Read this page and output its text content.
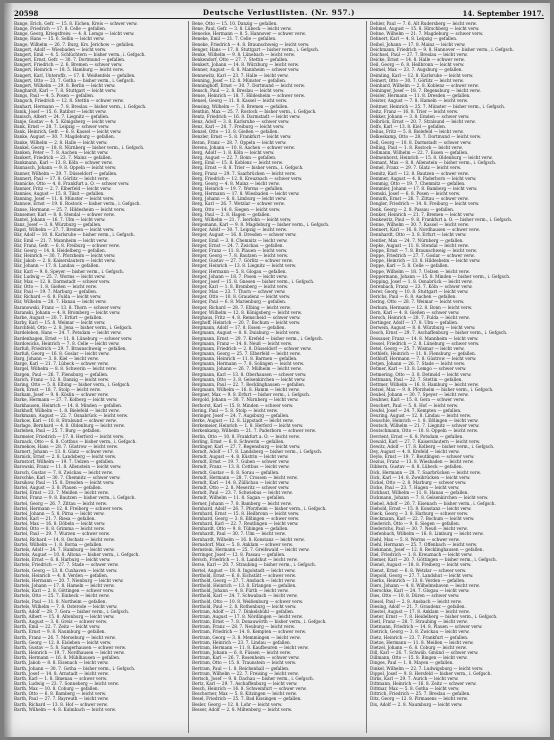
20598	Deutsche Verlustlisten. (Nr. 957.)	14. September 1917.
Bange, Erich, Gefr. — 15. 8. Eichen, Kreis — schwer verw.
Bange, Friedrich — 17. 8. Celle — gefallen.
Bange, Georg, Kriegsfreiw. — 4. 8. Lemgo — leicht verw.
Bange, Hans — 15. 6. Sellin — leicht verw.
Bange, Wilhelm — 26. 7. Burg, Krs. Jerichow — gefallen.
Bangert, Adolf — Wiesbaden — leicht verw.
Bangert, Emil — 4. 5. Schlüchtern — bisher verm., i. Gefgsch.
Bangert, Ernst, Gefr. — 30. 7. Dortmund — gefallen.
Bangert, Friedrich — 2. 6. Bremen — schwer verw.
Bangert, Heinrich — 18. 5. Hamburg — leicht verw.
Bangert, Karl, Unteroffz. — 17. 8. Weißenfels — gefallen.
Bangert, Otto — 23. 7. Gotha — bisher verm., i. Gefgsch.
Bangert, Wilhelm — 29. 8. Berlin — leicht verw.
Banghardt, Karl — 7. 8. Stuttgart — leicht verw.
Bangs, Paul — 4. 5. Posen — gefallen.
Bangsch, Friedrich — 12. 8. Stettin — schwer verw.
Banhart, Hermann — 7. 8. Breslau — bisher verm., i. Gefgsch.
Banik, Josef — 15. 6. Ratibor — leicht verw.
Banisch, Albert — 24. 7. Liegnitz — gefallen.
Banje, Gustav — 4. 5. Königsberg — leicht verw.
Bank, Ernst — 28. 7. Leipzig — schwer verw.
Bank, Heinrich, Gefr. — 6. 8. Kassel — leicht verw.
Banke, August — 30. 7. Magdeburg — gefallen.
Banke, Wilhelm — 2. 8. Halle — leicht verw.
Bankel, Georg — 18. 8. Nürnberg — bisher verm., i. Gefgsch.
Banken, Peter — 7. 8. Aachen — leicht verw.
Bankert, Friedrich — 23. 7. Mainz — gefallen.
Bankmann, Karl — 13. 8. Köln — schwer verw.
Bannasch, Johann — 9. 8. Oppeln — leicht verw.
Banner, Wilhelm — 29. 7. Düsseldorf — gefallen.
Bannert, Paul — 17. 8. Görlitz — leicht verw.
Bannicke, Otto — 4. 8. Frankfurt a. O. — schwer verw.
Bannier, Fritz — 2. 7. Elberfeld — leicht verw.
Bannies, August — 15. 8. Tilsit — gefallen.
Banning, Josef — 11. 8. Münster — leicht verw.
Bannow, Ernst — 19. 6. Rostock — bisher verm., i. Gefgsch.
Banse, Hermann — 25. 7. Hildesheim — leicht verw.
Bansemer, Karl — 8. 8. Stendal — schwer verw.
Bantel, Johann — 16. 7. Ulm — leicht verw.
Banz, Josef — 3. 8. Würzburg — gefallen.
Bapst, Wilhelm — 27. 7. Bremen — leicht verw.
Bär, Adolf — 10. 8. Karlsruhe — bisher verm., i. Gefgsch.
Bär, Emil — 21. 7. Mannheim — leicht verw.
Bär, Franz, Gefr. — 6. 8. Freiburg — schwer verw.
Bär, Georg — 14. 8. Heidelberg — gefallen.
Bär, Heinrich — 30. 7. Pforzheim — leicht verw.
Bär, Jakob — 2. 8. Kaiserslautern — leicht verw.
Bär, Johann — 17. 8. Landau — gefallen.
Bär, Karl — 9. 8. Speyer — bisher verm., i. Gefgsch.
Bär, Ludwig — 25. 7. Worms — leicht verw.
Bär, Max — 12. 8. Darmstadt — schwer verw.
Bär, Otto — 1. 8. Gießen — leicht verw.
Bär, Paul — 19. 7. Marburg — gefallen.
Bär, Richard — 6. 8. Fulda — leicht verw.
Bär, Wilhelm — 28. 7. Hanau — leicht verw.
Baranowski, Franz — 13. 8. Thorn — schwer verw.
Baranski, Johann — 4. 8. Bromberg — leicht verw.
Barbe, August — 20. 7. Erfurt — gefallen.
Barby, Karl — 15. 8. Weimar — leicht verw.
Barchfeld, Otto — 2. 8. Jena — bisher verm., i. Gefgsch.
Bardeleben, Hans — 24. 7. Potsdam — leicht verw.
Bardenhagen, Ernst — 11. 8. Lüneburg — schwer verw.
Bardowicks, Heinrich — 7. 8. Celle — leicht verw.
Barfuß, Friedrich — 29. 7. Braunschweig — gefallen.
Barfuß, Georg — 16. 8. Goslar — leicht verw.
Barg, Johann — 3. 8. Kiel — leicht verw.
Barge, Karl — 21. 7. Lübeck — schwer verw.
Bargel, Wilhelm — 8. 8. Schwerin — leicht verw.
Bargen, Paul — 26. 7. Flensburg — gefallen.
Barich, Franz — 12. 8. Danzig — leicht verw.
Baring, Otto — 5. 8. Elbing — bisher verm., i. Gefgsch.
Bark, Ernst — 18. 7. Stolp — leicht verw.
Barkam, Josef — 9. 8. Köslin — schwer verw.
Barke, Hermann — 27. 7. Kolberg — leicht verw.
Barkhausen, Heinrich — 14. 8. Minden — gefallen.
Barkhoff, Wilhelm — 1. 8. Bielefeld — leicht verw.
Barkmann, August — 22. 7. Osnabrück — leicht verw.
Barkow, Karl — 10. 8. Stralsund — schwer verw.
Barlage, Bernhard — 4. 8. Oldenburg — leicht verw.
Barleben, Paul — 25. 7. Burg — gefallen.
Barmeier, Friedrich — 17. 8. Herford — leicht verw.
Barnack, Otto — 6. 8. Cottbus — bisher verm., i. Gefgsch.
Barnekow, Hans — 28. 7. Güstrow — leicht verw.
Barnert, Johann — 13. 8. Glatz — schwer verw.
Barnick, Ernst — 2. 8. Landsberg — leicht verw.
Barnstorf, Wilhelm — 19. 7. Uelzen — gefallen.
Barowski, Franz — 11. 8. Allenstein — leicht verw.
Barsch, Gustav — 7. 8. Zwickau — leicht verw.
Barschke, Karl — 30. 7. Chemnitz — schwer verw.
Barsikow, Paul — 15. 8. Dresden — leicht verw.
Bartel, August — 3. 8. Plauen — gefallen.
Bartel, Ernst — 23. 7. Meißen — leicht verw.
Bartel, Franz — 9. 8. Bautzen — bisher verm., i. Gefgsch.
Bartel, Georg — 26. 7. Zittau — leicht verw.
Bartel, Hermann — 12. 8. Freiberg — schwer verw.
Bartel, Johann — 5. 8. Pirna — leicht verw.
Bartel, Karl — 21. 7. Riesa — gefallen.
Bartel, Max — 16. 8. Döbeln — leicht verw.
Bartel, Otto — 8. 8. Grimma — leicht verw.
Bartel, Paul — 29. 7. Wurzen — schwer verw.
Bartel, Richard — 14. 8. Oschatz — leicht verw.
Bartel, Wilhelm — 1. 8. Borna — gefallen.
Bartels, Adolf — 24. 7. Hamburg — leicht verw.
Bartels, August — 10. 8. Altona — bisher verm., i. Gefgsch.
Bartels, Ernst — 6. 8. Harburg — leicht verw.
Bartels, Friedrich — 27. 7. Stade — schwer verw.
Bartels, Georg — 13. 8. Cuxhaven — leicht verw.
Bartels, Heinrich — 4. 8. Verden — gefallen.
Bartels, Hermann — 20. 7. Nienburg — leicht verw.
Bartels, Johann — 17. 8. Hameln — leicht verw.
Bartels, Karl — 2. 8. Göttingen — schwer verw.
Bartels, Otto — 25. 7. Einbeck — leicht verw.
Bartels, Paul — 11. 8. Northeim — gefallen.
Bartels, Wilhelm — 7. 8. Osterode — leicht verw.
Barth, Adolf — 28. 7. Gera — bisher verm., i. Gefgsch.
Barth, Albert — 15. 8. Altenburg — leicht verw.
Barth, August — 3. 8. Greiz — schwer verw.
Barth, Emil — 22. 7. Zeitz — leicht verw.
Barth, Ernst — 9. 8. Naumburg — gefallen.
Barth, Franz — 26. 7. Merseburg — leicht verw.
Barth, Georg — 12. 8. Eisleben — leicht verw.
Barth, Gustav — 5. 8. Sangerhausen — schwer verw.
Barth, Heinrich — 19. 7. Nordhausen — leicht verw.
Barth, Hermann — 16. 8. Mühlhausen — gefallen.
Barth, Jakob — 8. 8. Eisenach — leicht verw.
Barth, Johann — 30. 7. Gotha — bisher verm., i. Gefgsch.
Barth, Josef — 14. 8. Arnstadt — leicht verw.
Barth, Karl — 1. 8. Ilmenau — schwer verw.
Barth, Ludwig — 23. 7. Sonneberg — leicht verw.
Barth, Max — 10. 8. Coburg — gefallen.
Barth, Otto — 6. 8. Bamberg — leicht verw.
Barth, Paul — 27. 7. Bayreuth — leicht verw.
Barth, Richard — 13. 8. Hof — schwer verw.
Barth, Wilhelm — 4. 8. Kulmbach — leicht verw.
Bene, Otto — 15. 10. Danzig — gefallen.
Bene, Paul, Gefr. — 3. 8. Lübeck — leicht verw.
Benecke, Hermann — 8. 5. Hannover — schwer verw.
Beneke, Emil — 21. 7. Celle — gefallen.
Beneke, Friedrich — 4. 8. Braunschweig — leicht verw.
Benger, Hans — 17. 8. Stuttgart — bisher verm., i. Gefgsch.
Benke, Wilhelm — 9. 8. Lünebach — leicht verw.
Benkendorf, Otto — 27. 7. Stettin — gefallen.
Benkert, Johann — 14. 8. Würzburg — leicht verw.
Benner, August — 6. 8. Mannheim — schwer verw.
Bennewitz, Karl — 23. 7. Halle — leicht verw.
Benning, Josef — 12. 8. Münster — gefallen.
Benninghoff, Ernst — 30. 7. Dortmund — leicht verw.
Bensch, Paul — 2. 8. Breslau — leicht verw.
Bense, Heinrich — 18. 7. Hildesheim — schwer verw.
Bensel, Georg — 11. 8. Kassel — leicht verw.
Bensing, Wilhelm — 7. 8. Bremen — gefallen.
Benthin, Max — 25. 7. Rostock — bisher verm., i. Gefgsch.
Bentz, Friedrich — 16. 8. Darmstadt — leicht verw.
Benz, Adolf — 3. 8. Karlsruhe — schwer verw.
Benz, Karl — 20. 7. Freiburg — leicht verw.
Benzel, Otto — 13. 8. Gießen — gefallen.
Benzler, Ernst — 5. 8. Frankfurt — leicht verw.
Beran, Franz — 28. 7. Oppeln — leicht verw.
Berens, Johann — 10. 8. Aachen — schwer verw.
Berg, Adolf — 1. 8. Köln — leicht verw.
Berg, August — 22. 7. Bonn — gefallen.
Berg, Emil — 15. 8. Koblenz — leicht verw.
Berg, Ernst — 8. 8. Trier — bisher verm., i. Gefgsch.
Berg, Franz — 29. 7. Saarbrücken — leicht verw.
Berg, Friedrich — 12. 8. Kreuznach — schwer verw.
Berg, Georg — 4. 8. Mainz — leicht verw.
Berg, Heinrich — 19. 7. Worms — gefallen.
Berg, Hermann — 17. 8. Wiesbaden — leicht verw.
Berg, Johann — 6. 8. Limburg — leicht verw.
Berg, Karl — 26. 7. Wetzlar — schwer verw.
Berg, Otto — 14. 8. Siegen — leicht verw.
Berg, Paul — 2. 8. Hagen — gefallen.
Berg, Wilhelm — 21. 7. Iserlohn — leicht verw.
Bergemann, Karl — 9. 8. Magdeburg — bisher verm., i. Gefgsch.
Berger, Adolf — 30. 7. Leipzig — leicht verw.
Berger, August — 16. 8. Dresden — schwer verw.
Berger, Emil — 3. 8. Chemnitz — leicht verw.
Berger, Ernst — 24. 7. Zwickau — gefallen.
Berger, Franz — 11. 8. Plauen — leicht verw.
Berger, Georg — 7. 8. Bautzen — leicht verw.
Berger, Gustav — 27. 7. Görlitz — schwer verw.
Berger, Heinrich — 13. 8. Liegnitz — leicht verw.
Berger, Hermann — 5. 8. Glogau — gefallen.
Berger, Johann — 18. 7. Posen — leicht verw.
Berger, Josef — 15. 8. Gnesen — bisher verm., i. Gefgsch.
Berger, Karl — 1. 8. Bromberg — leicht verw.
Berger, Max — 23. 7. Thorn — schwer verw.
Berger, Otto — 10. 8. Graudenz — leicht verw.
Berger, Paul — 6. 8. Marienburg — gefallen.
Berger, Richard — 28. 7. Elbing — leicht verw.
Berger, Wilhelm — 12. 8. Königsberg — leicht verw.
Berghaus, Fritz — 4. 8. Remscheid — schwer verw.
Berghoff, Heinrich — 20. 7. Bochum — leicht verw.
Bergmann, Adolf — 17. 8. Essen — gefallen.
Bergmann, August — 8. 8. Duisburg — leicht verw.
Bergmann, Ernst — 29. 7. Krefeld — bisher verm., i. Gefgsch.
Bergmann, Franz — 14. 8. Neuß — leicht verw.
Bergmann, Friedrich — 2. 8. Düsseldorf — schwer verw.
Bergmann, Georg — 25. 7. Elberfeld — leicht verw.
Bergmann, Heinrich — 11. 8. Barmen — gefallen.
Bergmann, Hermann — 7. 8. Solingen — leicht verw.
Bergmann, Johann — 26. 7. Mülheim — leicht verw.
Bergmann, Karl — 13. 8. Oberhausen — schwer verw.
Bergmann, Otto — 3. 8. Gelsenkirchen — leicht verw.
Bergmann, Paul — 22. 7. Recklinghausen — gefallen.
Bergmann, Wilhelm — 16. 8. Hamm — leicht verw.
Bergner, Max — 9. 8. Erfurt — bisher verm., i. Gefgsch.
Bergold, Johann — 30. 7. Nürnberg — leicht verw.
Berhorst, Karl — 15. 8. Minden — schwer verw.
Bering, Paul — 5. 8. Stolp — leicht verw.
Beringer, Josef — 24. 7. Augsburg — gefallen.
Berke, August — 12. 8. Lippstadt — leicht verw.
Berkemeier, Heinrich — 1. 8. Herford — leicht verw.
Berkenkamp, Wilhelm — 21. 7. Paderborn — schwer verw.
Berlin, Otto — 10. 8. Frankfurt a. O. — leicht verw.
Berling, Ernst — 6. 8. Schwerin — gefallen.
Berlinger, Karl — 27. 7. Regensburg — leicht verw.
Berndt, Adolf — 17. 8. Landsberg — bisher verm., i. Gefgsch.
Berndt, August — 4. 8. Küstrin — leicht verw.
Berndt, Ernst — 19. 7. Guben — schwer verw.
Berndt, Franz — 13. 8. Cottbus — leicht verw.
Berndt, Gustav — 8. 8. Sorau — gefallen.
Berndt, Hermann — 28. 7. Crossen — leicht verw.
Berndt, Karl — 14. 8. Züllichau — leicht verw.
Berndt, Otto — 2. 8. Meseritz — schwer verw.
Berndt, Paul — 23. 7. Schwiebus — leicht verw.
Berndt, Wilhelm — 11. 8. Sagan — gefallen.
Berner, Johann — 7. 8. Bamberg — leicht verw.
Bernhard, Adolf — 26. 7. Pforzheim — bisher verm., i. Gefgsch.
Bernhard, Ernst — 15. 8. Heilbronn — leicht verw.
Bernhard, Georg — 3. 8. Eßlingen — schwer verw.
Bernhard, Karl — 22. 7. Reutlingen — leicht verw.
Bernhardt, Otto — 9. 8. Tübingen — gefallen.
Bernhardt, Paul — 30. 7. Ulm — leicht verw.
Bernhardt, Wilhelm — 16. 8. Konstanz — leicht verw.
Bernsdorf, Max — 5. 8. Anklam — schwer verw.
Bernstein, Hermann — 25. 7. Greifswald — leicht verw.
Berringer, Josef — 12. 8. Passau — gefallen.
Bersch, Friedrich — 1. 8. Landshut — leicht verw.
Berse, Karl — 20. 7. Straubing — bisher verm., i. Gefgsch.
Bertel, August — 18. 8. Ingolstadt — leicht verw.
Berthold, Ernst — 6. 8. Eichstätt — schwer verw.
Berthold, Georg — 27. 7. Ansbach — leicht verw.
Berthold, Heinrich — 13. 8. Erlangen — gefallen.
Berthold, Johann — 4. 8. Fürth — leicht verw.
Berthold, Karl — 24. 7. Schwabach — leicht verw.
Berthold, Otto — 10. 8. Weißenburg — schwer verw.
Berthold, Paul — 2. 8. Rothenburg — leicht verw.
Bertram, Adolf — 21. 7. Dinkelsbühl — gefallen.
Bertram, August — 17. 8. Nördlingen — leicht verw.
Bertram, Ernst — 7. 8. Donauwörth — bisher verm., i. Gefgsch.
Bertram, Franz — 28. 7. Neuburg — leicht verw.
Bertram, Friedrich — 14. 8. Kempten — schwer verw.
Bertram, Georg — 3. 8. Memmingen — leicht verw.
Bertram, Heinrich — 23. 7. Lindau — gefallen.
Bertram, Hermann — 11. 8. Kaufbeuren — leicht verw.
Bertram, Johann — 6. 8. Füssen — leicht verw.
Bertram, Karl — 26. 7. Rosenheim — schwer verw.
Bertram, Otto — 15. 8. Traunstein — leicht verw.
Bertram, Paul — 1. 8. Reichenhall — gefallen.
Bertram, Wilhelm — 22. 7. Freising — leicht verw.
Bertsch, Josef — 9. 8. Dachau — bisher verm., i. Gefgsch.
Bertz, Karl — 29. 7. Aschaffenburg — leicht verw.
Besch, Heinrich — 16. 8. Schweinfurt — schwer verw.
Beschorner, Max — 5. 8. Kitzingen — leicht verw.
Besel, Friedrich — 25. 7. Bad Kissingen — gefallen.
Besler, Georg — 12. 8. Lohr — leicht verw.
Besser, Adolf — 2. 8. Miltenberg — leicht verw.
Dehler, Paul — 7. 6. Alt Rudersberg — leicht verw.
Dehmel, August — 15. 8. Hirschberg — leicht verw.
Dehne, Wilhelm — 21. 7. Magdeburg — schwer verw.
Dehnert, Karl — 4. 8. Leipzig — gefallen.
Deibel, Johann — 17. 8. Mainz — leicht verw.
Deichmann, Friedrich — 9. 8. Hannover — bisher verm., i. Gefgsch.
Deichsel, Paul — 27. 7. Breslau — leicht verw.
Deicke, Ernst — 14. 8. Halle — schwer verw.
Deil, Georg — 6. 8. Heilbronn — leicht verw.
Deimel, Max — 23. 7. Augsburg — gefallen.
Deimling, Karl — 12. 8. Karlsruhe — leicht verw.
Deinert, Otto — 30. 7. Görlitz — leicht verw.
Deinhard, Wilhelm — 2. 8. Koblenz — schwer verw.
Deininger, Josef — 18. 7. Regensburg — leicht verw.
Deisler, Hermann — 11. 8. Dresden — gefallen.
Deister, August — 7. 8. Hameln — leicht verw.
Deitmer, Heinrich — 25. 7. Münster — bisher verm., i. Gefgsch.
Deitz, Franz — 16. 8. Trier — leicht verw.
Dekker, Johann — 3. 8. Emden — schwer verw.
Delbrück, Ernst — 20. 7. Stralsund — leicht verw.
Delfs, Karl — 13. 8. Kiel — gefallen.
Delius, Fritz — 5. 8. Bielefeld — leicht verw.
Delkeskamp, Otto — 28. 7. Dortmund — leicht verw.
Dell, Georg — 10. 8. Darmstadt — schwer verw.
Delling, Paul — 1. 8. Rostock — leicht verw.
Dellmann, Wilhelm — 22. 7. Essen — gefallen.
Delmenhorst, Heinrich — 15. 8. Oldenburg — leicht verw.
Demant, Max — 8. 8. Allenstein — bisher verm., i. Gefgsch.
Demel, Franz — 29. 7. Glatz — leicht verw.
Demitz, Karl — 12. 8. Bautzen — schwer verw.
Demmer, August — 4. 8. Paderborn — leicht verw.
Demmig, Otto — 19. 7. Chemnitz — gefallen.
Demmler, Johann — 17. 8. Bamberg — leicht verw.
Demski, Josef — 6. 8. Posen — leicht verw.
Demuth, Ernst — 26. 7. Zittau — schwer verw.
Dengler, Friedrich — 14. 8. Freiburg — leicht verw.
Denk, Georg — 2. 8. Passau — gefallen.
Denker, Heinrich — 21. 7. Bremen — leicht verw.
Denkewitz, Paul — 9. 8. Frankfurt a. O. — bisher verm., i. Gefgsch.
Denne, Wilhelm — 30. 7. Kassel — leicht verw.
Dennert, Karl — 16. 8. Nordhausen — schwer verw.
Dennhardt, Otto — 3. 8. Erfurt — leicht verw.
Dentler, Max — 24. 7. Nürnberg — gefallen.
Depke, August — 11. 8. Stendal — leicht verw.
Deppe, Ernst — 7. 8. Braunschweig — leicht verw.
Deppe, Friedrich — 27. 7. Goslar — schwer verw.
Deppe, Heinrich — 13. 8. Hildesheim — leicht verw.
Deppe, Karl — 5. 8. Celle — gefallen.
Deppe, Wilhelm — 18. 7. Uelzen — leicht verw.
Deppermann, Johann — 15. 8. Minden — bisher verm., i. Gefgsch.
Depping, Josef — 1. 8. Osnabrück — leicht verw.
Derenbach, Franz — 23. 7. Köln — schwer verw.
Derer, Georg — 10. 8. Stuttgart — leicht verw.
Derichs, Paul — 6. 8. Aachen — gefallen.
Dering, Otto — 28. 7. Weimar — leicht verw.
Derkum, Hermann — 12. 8. Bonn — leicht verw.
Dern, Karl — 4. 8. Gießen — schwer verw.
Dersch, Heinrich — 20. 7. Fulda — leicht verw.
Dertinger, Adolf — 17. 8. Ulm — gefallen.
Derwein, August — 8. 8. Würzburg — leicht verw.
Desch, Ernst — 29. 7. Aschaffenburg — bisher verm., i. Gefgsch.
Dessauer, Franz — 14. 8. Mannheim — leicht verw.
Dessel, Friedrich — 2. 8. Lüneburg — schwer verw.
Detel, Georg — 25. 7. Wismar — leicht verw.
Dethlefs, Heinrich — 11. 8. Flensburg — gefallen.
Dethloff, Hermann — 7. 8. Güstrow — leicht verw.
Detjen, Johann — 26. 7. Stade — leicht verw.
Detmer, Karl — 13. 8. Lemgo — schwer verw.
Detmering, Otto — 3. 8. Detmold — leicht verw.
Dettmann, Paul — 22. 7. Stettin — gefallen.
Dettmer, Wilhelm — 16. 8. Hamburg — leicht verw.
Detzel, Max — 9. 8. Pforzheim — bisher verm., i. Gefgsch.
Deubel, Johann — 30. 7. Speyer — leicht verw.
Deubner, Karl — 15. 8. Gera — schwer verw.
Deuchert, Paul — 5. 8. Hof — leicht verw.
Deufel, Josef — 24. 7. Kempten — gefallen.
Deuring, August — 12. 8. Lindau — leicht verw.
Deuschle, Heinrich — 1. 8. Eßlingen — leicht verw.
Deutsch, Wilhelm — 21. 7. Liegnitz — schwer verw.
Deutschmann, Otto — 10. 8. Oppeln — leicht verw.
Devrient, Ernst — 6. 8. Potsdam — gefallen.
Dewald, Karl — 27. 7. Kaiserslautern — leicht verw.
Dewitz, Adolf — 17. 8. Kolberg — bisher verm., i. Gefgsch.
Dey, August — 4. 8. Krefeld — leicht verw.
Deyle, Ernst — 19. 7. Reutlingen — schwer verw.
Dezius, Franz — 13. 8. Wiesbaden — leicht verw.
Dibbern, Gustav — 8. 8. Lübeck — gefallen.
Dick, Hermann — 28. 7. Saarbrücken — leicht verw.
Dick, Karl — 14. 8. Zweibrücken — leicht verw.
Dickel, Otto — 2. 8. Marburg — schwer verw.
Dicke, Paul — 23. 7. Hagen — leicht verw.
Dickhaut, Wilhelm — 11. 8. Hanau — gefallen.
Dickmann, Johann — 7. 8. Gelsenkirchen — leicht verw.
Diebel, Adolf — 26. 7. Eisenach — bisher verm., i. Gefgsch.
Diebold, Ernst — 15. 8. Konstanz — leicht verw.
Dieck, Georg — 3. 8. Harburg — schwer verw.
Dieckmann, Karl — 22. 7. Bochum — leicht verw.
Diederich, Otto — 9. 8. Siegen — gefallen.
Diederichs, Paul — 30. 7. Neuß — leicht verw.
Diefenbach, Wilhelm — 16. 8. Limburg — leicht verw.
Diehl, Max — 5. 8. Worms — schwer verw.
Diehl, Hermann — 25. 7. Offenbach — leicht verw.
Diekmann, Josef — 12. 8. Recklinghausen — gefallen.
Diel, Friedrich — 1. 8. Kreuznach — leicht verw.
Diemer, Karl — 20. 7. Göttingen — bisher verm., i. Gefgsch.
Dienel, August — 18. 8. Freiberg — leicht verw.
Dienst, Ernst — 6. 8. Wetzlar — schwer verw.
Diepold, Georg — 27. 7. Landshut — leicht verw.
Dierks, Heinrich — 13. 8. Verden — gefallen.
Diers, Johann — 4. 8. Wilhelmshaven — leicht verw.
Dierschke, Karl — 24. 7. Glogau — leicht verw.
Dies, Otto — 10. 8. Düren — schwer verw.
Diesel, Paul — 2. 8. Ansbach — leicht verw.
Diesing, Adolf — 21. 7. Graudenz — gefallen.
Diestel, August — 17. 8. Anklam — leicht verw.
Dieter, Ernst — 7. 8. Heidelberg — bisher verm., i. Gefgsch.
Dietl, Franz — 28. 7. Straubing — leicht verw.
Dietmann, Friedrich — 14. 8. Plauen — schwer verw.
Dietrich, Georg — 3. 8. Zwickau — leicht verw.
Dietz, Heinrich — 23. 7. Frankfurt — gefallen.
Dietze, Hermann — 11. 8. Meißen — leicht verw.
Dietzel, Johann — 6. 8. Coburg — leicht verw.
Dill, Karl — 26. 7. Schwäb. Gmünd — schwer verw.
Dillmann, Otto — 15. 8. Bingen — leicht verw.
Dinges, Paul — 1. 8. Mayen — gefallen.
Dinkel, Wilhelm — 22. 7. Ludwigsburg — leicht verw.
Dippel, Josef — 9. 8. Hersfeld — bisher verm., i. Gefgsch.
Dirks, Karl — 29. 7. Aurich — leicht verw.
Dittmann, Heinrich — 16. 8. Zeitz — schwer verw.
Dittmar, Max — 5. 8. Gotha — leicht verw.
Dittrich, Friedrich — 25. 7. Breslau — gefallen.
Ditz, Georg — 12. 8. Pirmasens — leicht verw.
Dix, Adolf — 2. 8. Naumburg — leicht verw.
